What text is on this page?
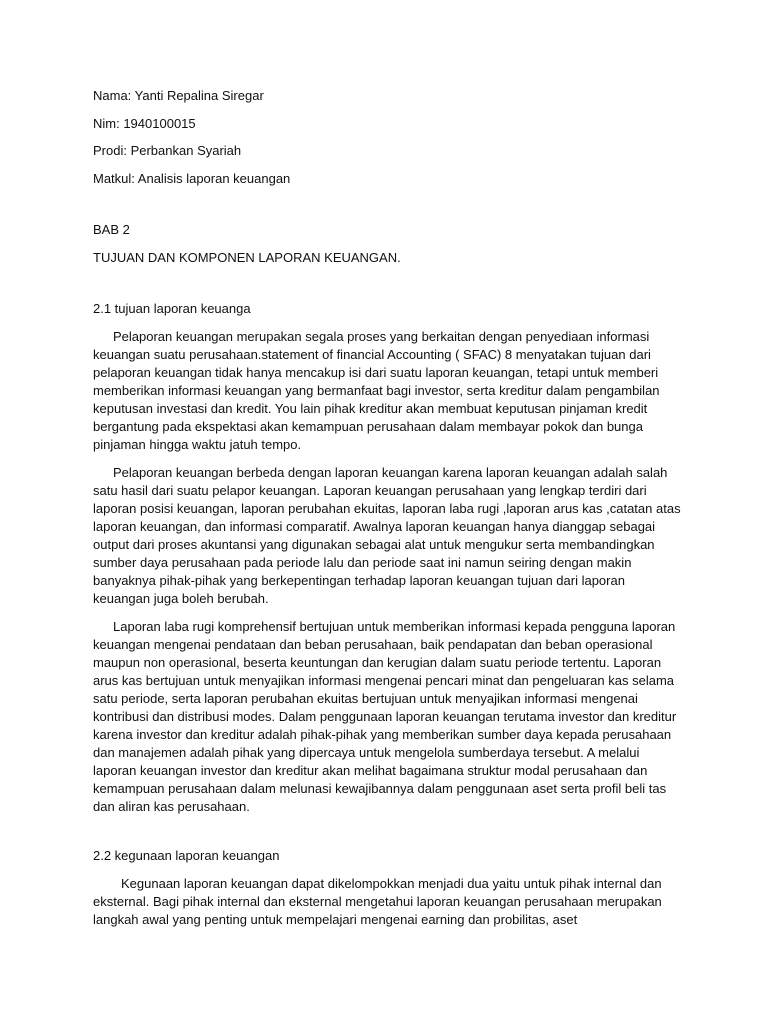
Nama: Yanti Repalina Siregar

Nim: 1940100015

Prodi: Perbankan Syariah

Matkul: Analisis laporan keuangan

BAB 2

TUJUAN DAN KOMPONEN LAPORAN KEUANGAN.

2.1 tujuan laporan keuanga

Pelaporan keuangan merupakan segala proses yang berkaitan dengan penyediaan informasi keuangan suatu perusahaan.statement of financial Accounting ( SFAC) 8 menyatakan tujuan dari pelaporan keuangan tidak hanya mencakup isi dari suatu laporan keuangan, tetapi untuk memberi memberikan informasi keuangan yang bermanfaat bagi investor, serta kreditur dalam pengambilan keputusan investasi dan kredit. You lain pihak kreditur akan membuat keputusan pinjaman kredit bergantung pada ekspektasi akan kemampuan perusahaan dalam membayar pokok dan bunga pinjaman hingga waktu jatuh tempo.

Pelaporan keuangan berbeda dengan laporan keuangan karena laporan keuangan adalah salah satu hasil dari suatu pelapor keuangan. Laporan keuangan perusahaan yang lengkap terdiri dari laporan posisi keuangan, laporan perubahan ekuitas, laporan laba rugi ,laporan arus kas ,catatan atas laporan keuangan, dan informasi comparatif. Awalnya laporan keuangan hanya dianggap sebagai output dari proses akuntansi yang digunakan sebagai alat untuk mengukur serta membandingkan sumber daya perusahaan pada periode lalu dan periode saat ini namun seiring dengan makin banyaknya pihak-pihak yang berkepentingan terhadap laporan keuangan tujuan dari laporan keuangan juga boleh berubah.

Laporan laba rugi komprehensif bertujuan untuk memberikan informasi kepada pengguna laporan keuangan mengenai pendataan dan beban perusahaan, baik pendapatan dan beban operasional maupun non operasional, beserta keuntungan dan kerugian dalam suatu periode tertentu. Laporan arus kas bertujuan untuk menyajikan informasi mengenai pencari minat dan pengeluaran kas selama satu periode, serta laporan perubahan ekuitas bertujuan untuk menyajikan informasi mengenai kontribusi dan distribusi modes. Dalam penggunaan laporan keuangan terutama investor dan kreditur karena investor dan kreditur adalah pihak-pihak yang memberikan sumber daya kepada perusahaan dan manajemen adalah pihak yang dipercaya untuk mengelola sumberdaya tersebut. A melalui laporan keuangan investor dan kreditur akan melihat bagaimana struktur modal perusahaan dan kemampuan perusahaan dalam melunasi kewajibannya dalam penggunaan aset serta profil beli tas dan aliran kas perusahaan.

2.2 kegunaan laporan keuangan

Kegunaan laporan keuangan dapat dikelompokkan menjadi dua yaitu untuk pihak internal dan eksternal. Bagi pihak internal dan eksternal mengetahui laporan keuangan perusahaan merupakan langkah awal yang penting untuk mempelajari mengenai earning dan probilitas, aset
